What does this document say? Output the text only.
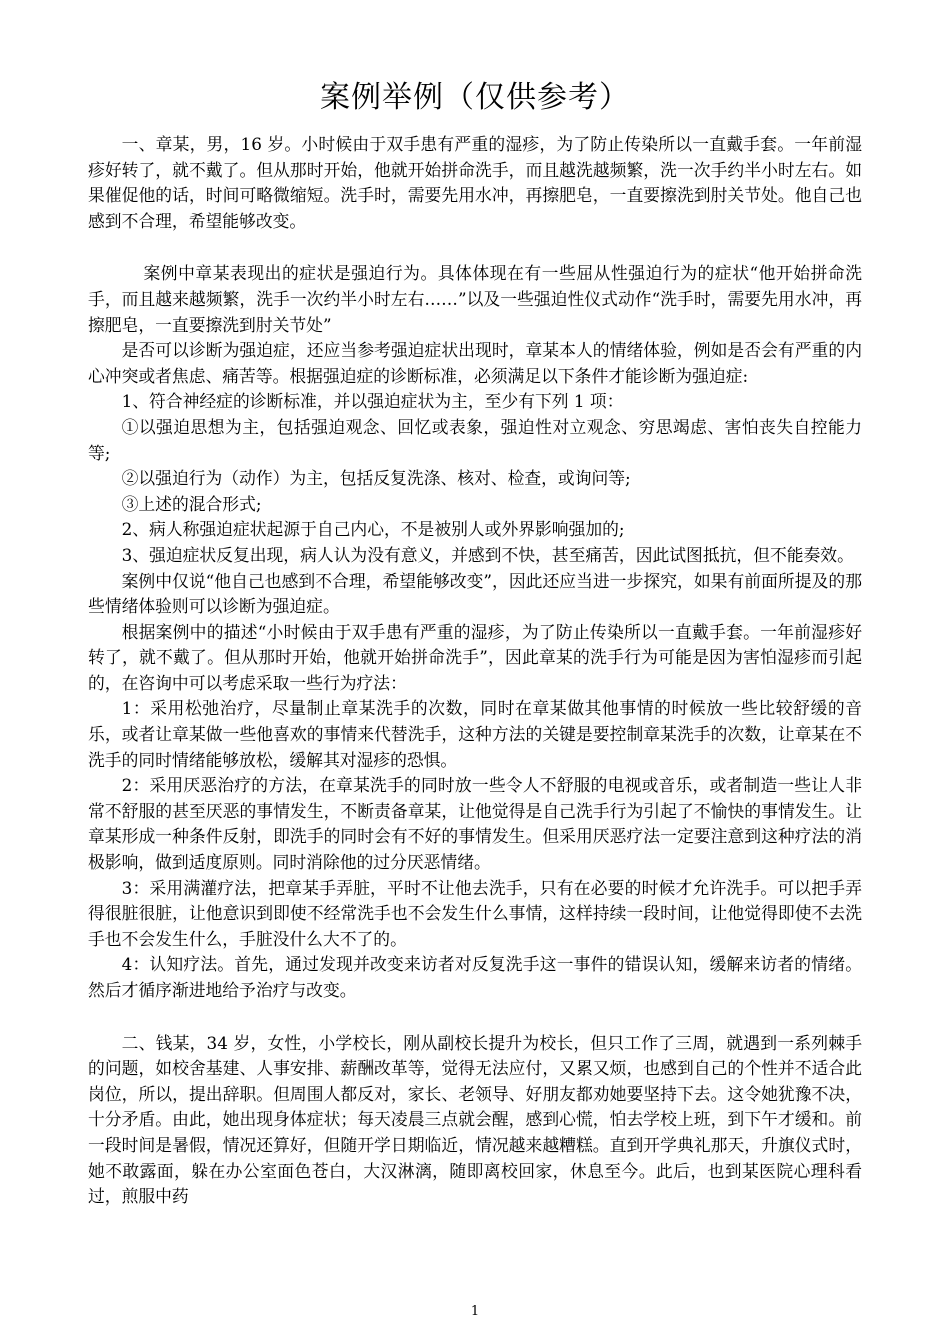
案例举例（仅供参考）

一、章某，男，16 岁。小时候由于双手患有严重的湿疹，为了防止传染所以一直戴手套。一年前湿疹好转了，就不戴了。但从那时开始，他就开始拼命洗手，而且越洗越频繁，洗一次手约半小时左右。如果催促他的话，时间可略微缩短。洗手时，需要先用水冲，再擦肥皂，一直要擦洗到肘关节处。他自己也感到不合理，希望能够改变。

案例中章某表现出的症状是强迫行为。具体体现在有一些屈从性强迫行为的症状“他开始拼命洗手，而且越来越频繁，洗手一次约半小时左右……”以及一些强迫性仪式动作“洗手时，需要先用水冲，再擦肥皂，一直要擦洗到肘关节处”

是否可以诊断为强迫症，还应当参考强迫症状出现时，章某本人的情绪体验，例如是否会有严重的内心冲突或者焦虑、痛苦等。根据强迫症的诊断标准，必须满足以下条件才能诊断为强迫症:

1、符合神经症的诊断标准，并以强迫症状为主，至少有下列 1 项：

①以强迫思想为主，包括强迫观念、回忆或表象，强迫性对立观念、穷思竭虑、害怕丧失自控能力等;

②以强迫行为（动作）为主，包括反复洗涤、核对、检查，或询问等;

③上述的混合形式;

2、病人称强迫症状起源于自己内心，不是被别人或外界影响强加的;

3、强迫症状反复出现，病人认为没有意义，并感到不快，甚至痛苦，因此试图抵抗，但不能奏效。

案例中仅说“他自己也感到不合理，希望能够改变”，因此还应当进一步探究，如果有前面所提及的那些情绪体验则可以诊断为强迫症。

根据案例中的描述“小时候由于双手患有严重的湿疹，为了防止传染所以一直戴手套。一年前湿疹好转了，就不戴了。但从那时开始，他就开始拼命洗手”，因此章某的洗手行为可能是因为害怕湿疹而引起的，在咨询中可以考虑采取一些行为疗法：

1：采用松弛治疗，尽量制止章某洗手的次数，同时在章某做其他事情的时候放一些比较舒缓的音乐，或者让章某做一些他喜欢的事情来代替洗手，这种方法的关键是要控制章某洗手的次数，让章某在不洗手的同时情绪能够放松，缓解其对湿疹的恐惧。

2：采用厌恶治疗的方法，在章某洗手的同时放一些令人不舒服的电视或音乐，或者制造一些让人非常不舒服的甚至厌恶的事情发生，不断责备章某，让他觉得是自己洗手行为引起了不愉快的事情发生。让章某形成一种条件反射，即洗手的同时会有不好的事情发生。但采用厌恶疗法一定要注意到这种疗法的消极影响，做到适度原则。同时消除他的过分厌恶情绪。

3：采用满灌疗法，把章某手弄脏，平时不让他去洗手，只有在必要的时候才允许洗手。可以把手弄得很脏很脏，让他意识到即使不经常洗手也不会发生什么事情，这样持续一段时间，让他觉得即使不去洗手也不会发生什么，手脏没什么大不了的。

4：认知疗法。首先，通过发现并改变来访者对反复洗手这一事件的错误认知，缓解来访者的情绪。然后才循序渐进地给予治疗与改变。

二、钱某，34 岁，女性，小学校长，刚从副校长提升为校长，但只工作了三周，就遇到一系列棘手的问题，如校舍基建、人事安排、薪酬改革等，觉得无法应付，又累又烦，也感到自己的个性并不适合此岗位，所以，提出辞职。但周围人都反对，家长、老领导、好朋友都劝她要坚持下去。这令她犹豫不决，十分矛盾。由此，她出现身体症状；每天凌晨三点就会醒，感到心慌，怕去学校上班，到下午才缓和。前一段时间是暑假，情况还算好，但随开学日期临近，情况越来越糟糕。直到开学典礼那天，升旗仪式时，她不敢露面，躲在办公室面色苍白，大汉淋漓，随即离校回家，休息至今。此后，也到某医院心理科看过，煎服中药

1
